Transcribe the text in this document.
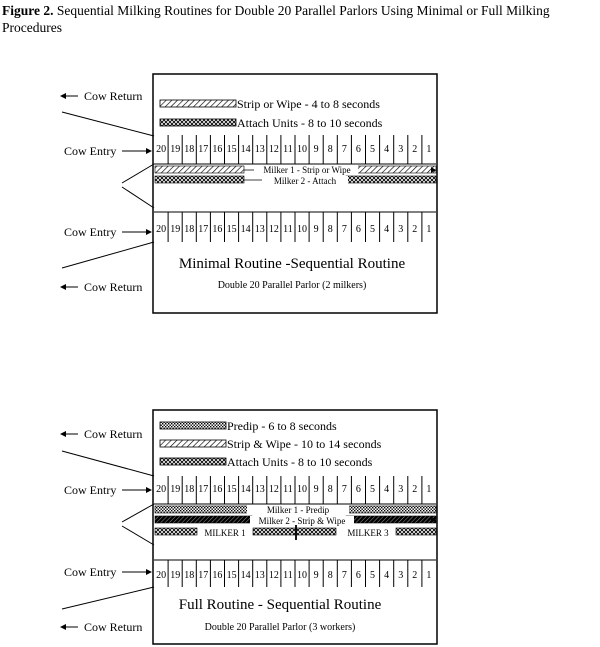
Figure 2. Sequential Milking Routines for Double 20 Parallel Parlors Using Minimal or Full Milking Procedures
Strip or Wipe - 4 to 8 seconds
Attach Units - 8 to 10 seconds
20 19 18 17 16 15 14 13 12 11 10 9 8 7 6 5 4 3 2 1
Milker 1 - Strip or Wipe
Milker 2 - Attach
20 19 18 17 16 15 14 13 12 11 10 9 8 7 6 5 4 3 2 1
Minimal Routine -Sequential Routine
Double 20 Parallel Parlor (2 milkers)
Cow Return
Cow Entry
Cow Entry
Cow Return
Predip - 6 to 8 seconds
Strip & Wipe - 10 to 14 seconds
Attach Units - 8 to 10 seconds
20 19 18 17 16 15 14 13 12 11 10 9 8 7 6 5 4 3 2 1
Milker 1 - Predip
Milker 2 - Strip & Wipe
MILKER 1	MILKER 3
20 19 18 17 16 15 14 13 12 11 10 9 8 7 6 5 4 3 2 1
Full Routine - Sequential Routine
Double 20 Parallel Parlor (3 workers)
Cow Return
Cow Entry
Cow Entry
Cow Return
